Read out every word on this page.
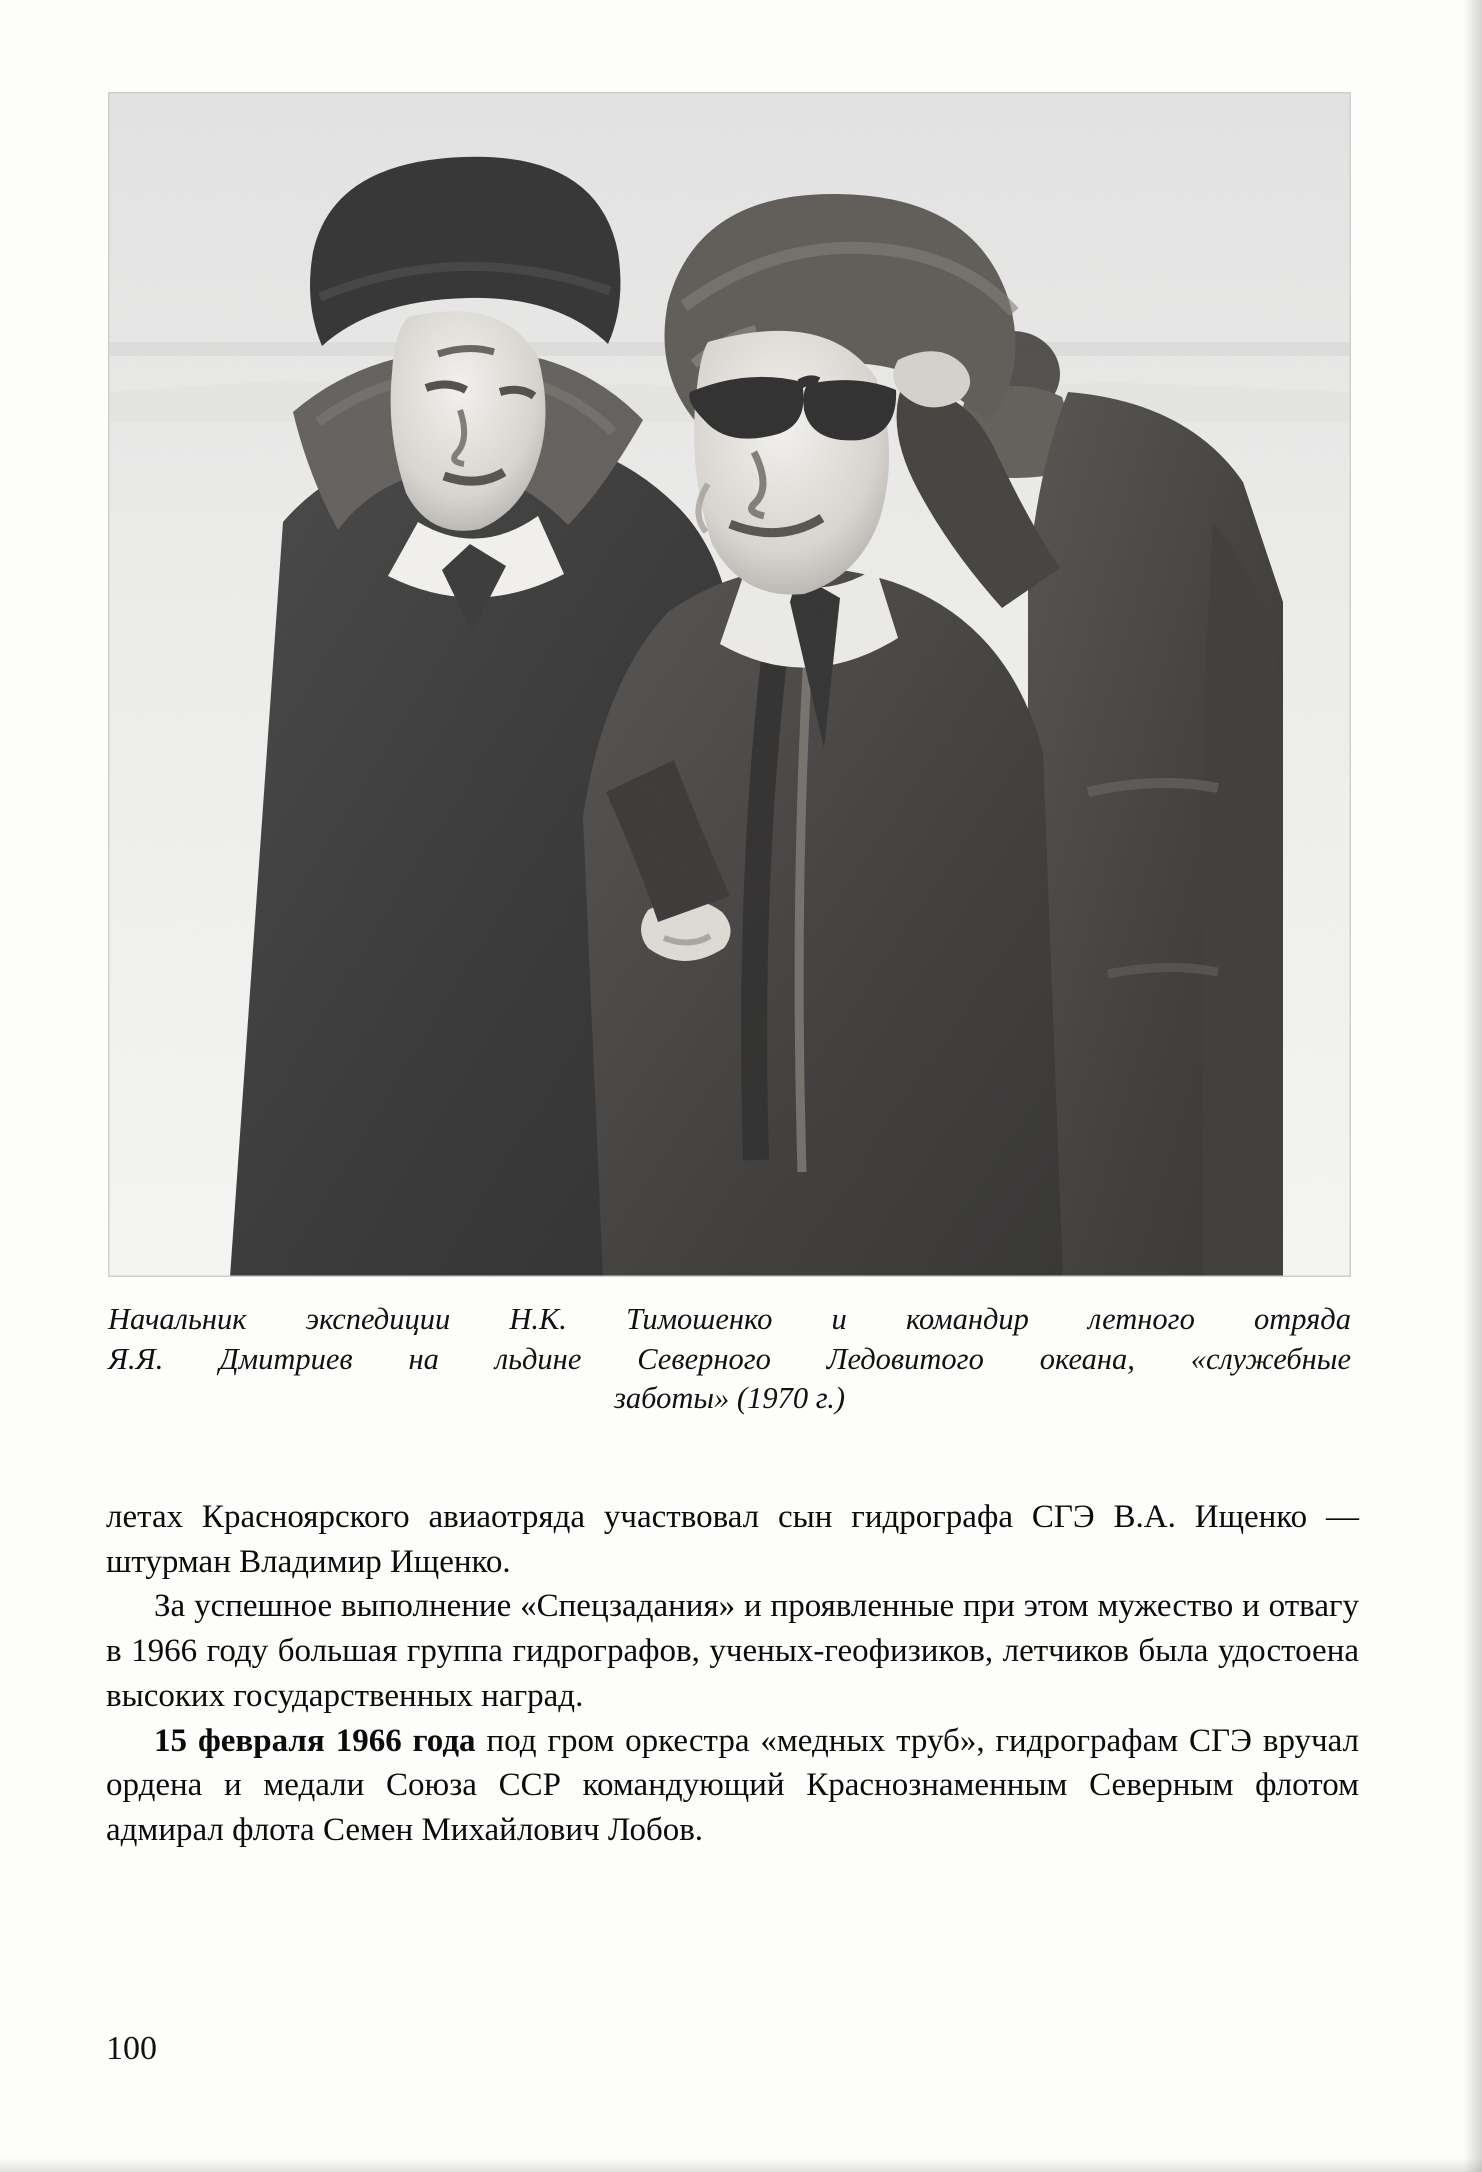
Начальник экспедиции Н.К. Тимошенко и командир летного отряда
Я.Я. Дмитриев на льдине Северного Ледовитого океана, «служебные
заботы» (1970 г.)

летах Красноярского авиаотряда участвовал сын гидрографа СГЭ В.А. Ищенко — штурман Владимир Ищенко.

За успешное выполнение «Спецзадания» и проявленные при этом мужество и отвагу в 1966 году большая группа гидрографов, ученых-геофизиков, летчиков была удостоена высоких государственных наград.

15 февраля 1966 года под гром оркестра «медных труб», гидрографам СГЭ вручал ордена и медали Союза ССР командующий Краснознаменным Северным флотом адмирал флота Семен Михайлович Лобов.

100
